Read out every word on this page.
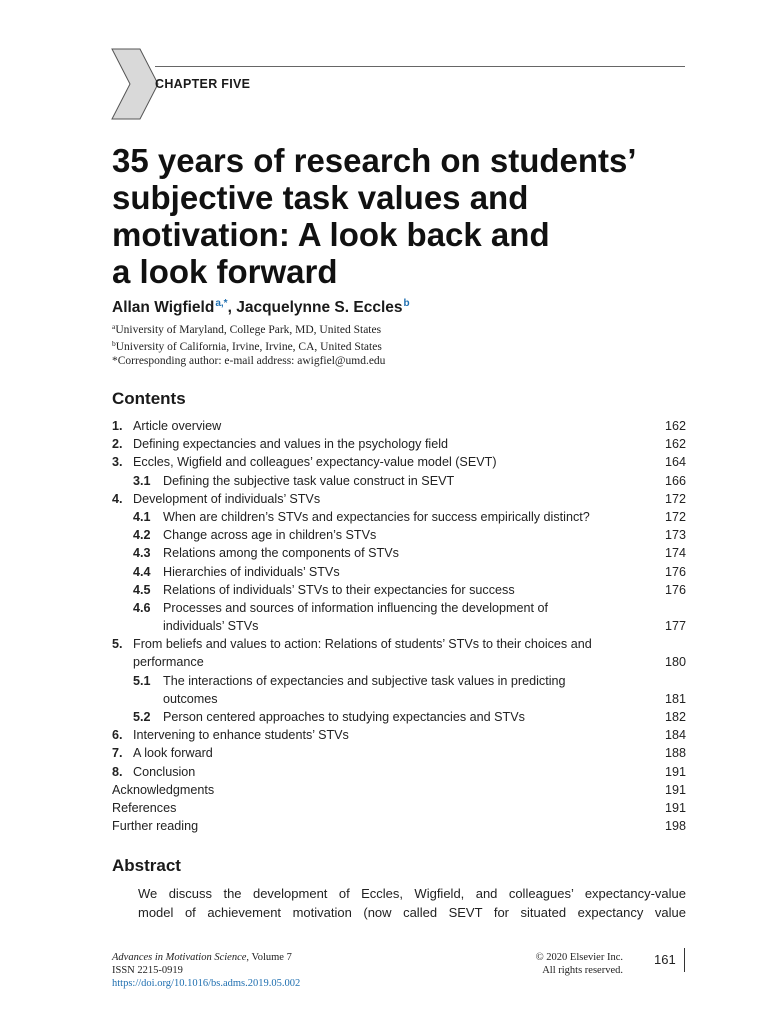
CHAPTER FIVE
35 years of research on students’
subjective task values and
motivation: A look back and
a look forward
Allan Wigfield$^{a,*}$, Jacquelynne S. Eccles$^b$
$^a$University of Maryland, College Park, MD, United States
$^b$University of California, Irvine, Irvine, CA, United States
*Corresponding author: e-mail address: awigfiel@umd.edu
Contents
1. Article overview	162
2. Defining expectancies and values in the psychology field	162
3. Eccles, Wigfield and colleagues’ expectancy-value model (SEVT)	164
3.1 Defining the subjective task value construct in SEVT	166
4. Development of individuals’ STVs	172
4.1 When are children’s STVs and expectancies for success empirically distinct?	172
4.2 Change across age in children’s STVs	173
4.3 Relations among the components of STVs	174
4.4 Hierarchies of individuals’ STVs	176
4.5 Relations of individuals’ STVs to their expectancies for success	176
4.6 Processes and sources of information influencing the development of
individuals’ STVs	177
5. From beliefs and values to action: Relations of students’ STVs to their choices and
performance	180
5.1 The interactions of expectancies and subjective task values in predicting
outcomes	181
5.2 Person centered approaches to studying expectancies and STVs	182
6. Intervening to enhance students’ STVs	184
7. A look forward	188
8. Conclusion	191
Acknowledgments	191
References	191
Further reading	198
Abstract
We discuss the development of Eccles, Wigfield, and colleagues’ expectancy-value
model of achievement motivation (now called SEVT for situated expectancy value
Advances in Motivation Science, Volume 7
ISSN 2215-0919
https://doi.org/10.1016/bs.adms.2019.05.002
© 2020 Elsevier Inc.
All rights reserved.
161
